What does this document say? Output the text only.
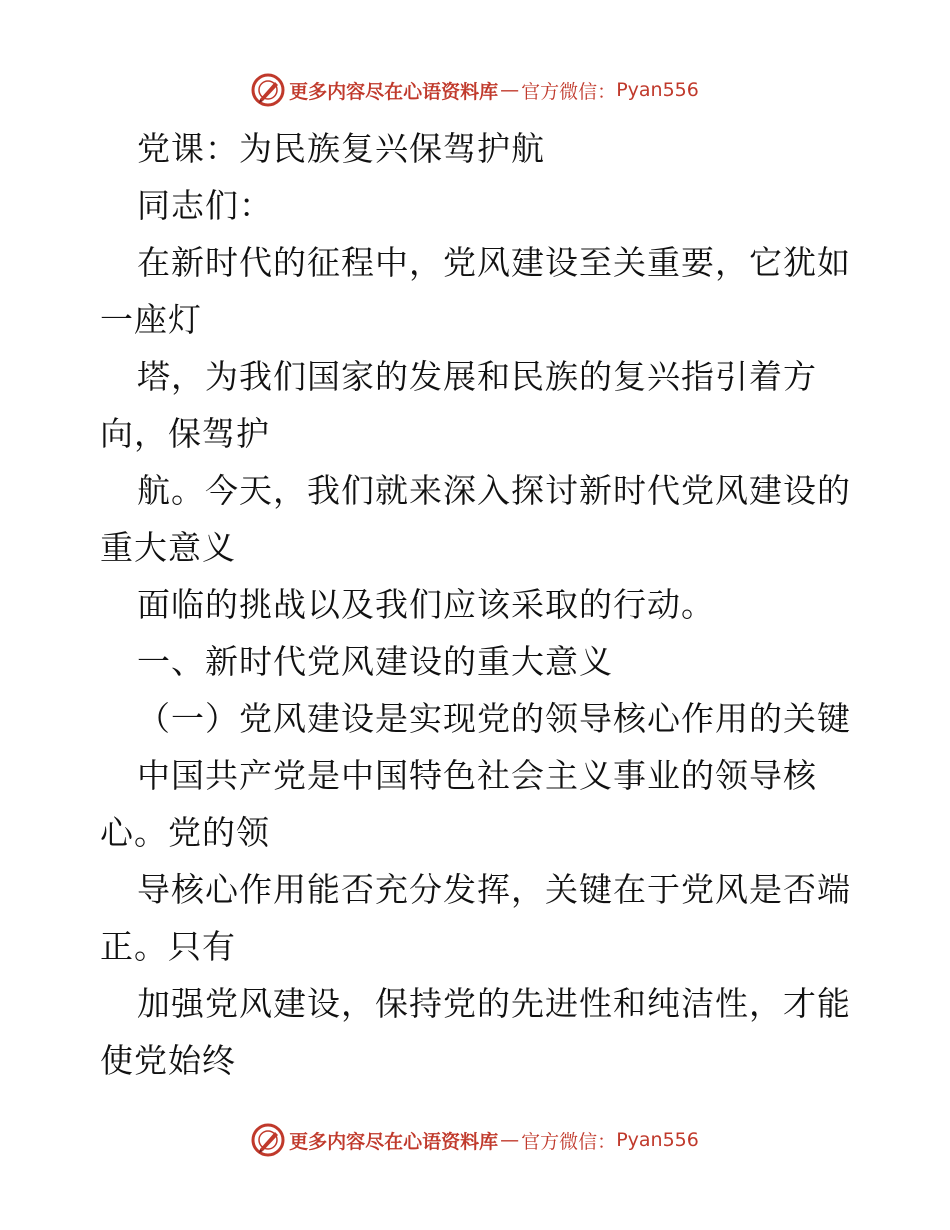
更多内容尽在心语资料库 — 官方微信： Pyan556
党课：为民族复兴保驾护航
同志们：
在新时代的征程中，党风建设至关重要，它犹如
一座灯
塔，为我们国家的发展和民族的复兴指引着方
向，保驾护
航。今天，我们就来深入探讨新时代党风建设的
重大意义
面临的挑战以及我们应该采取的行动。
一、新时代党风建设的重大意义
（一）党风建设是实现党的领导核心作用的关键
中国共产党是中国特色社会主义事业的领导核
心。党的领
导核心作用能否充分发挥，关键在于党风是否端
正。只有
加强党风建设，保持党的先进性和纯洁性，才能
使党始终
更多内容尽在心语资料库 — 官方微信： Pyan556
